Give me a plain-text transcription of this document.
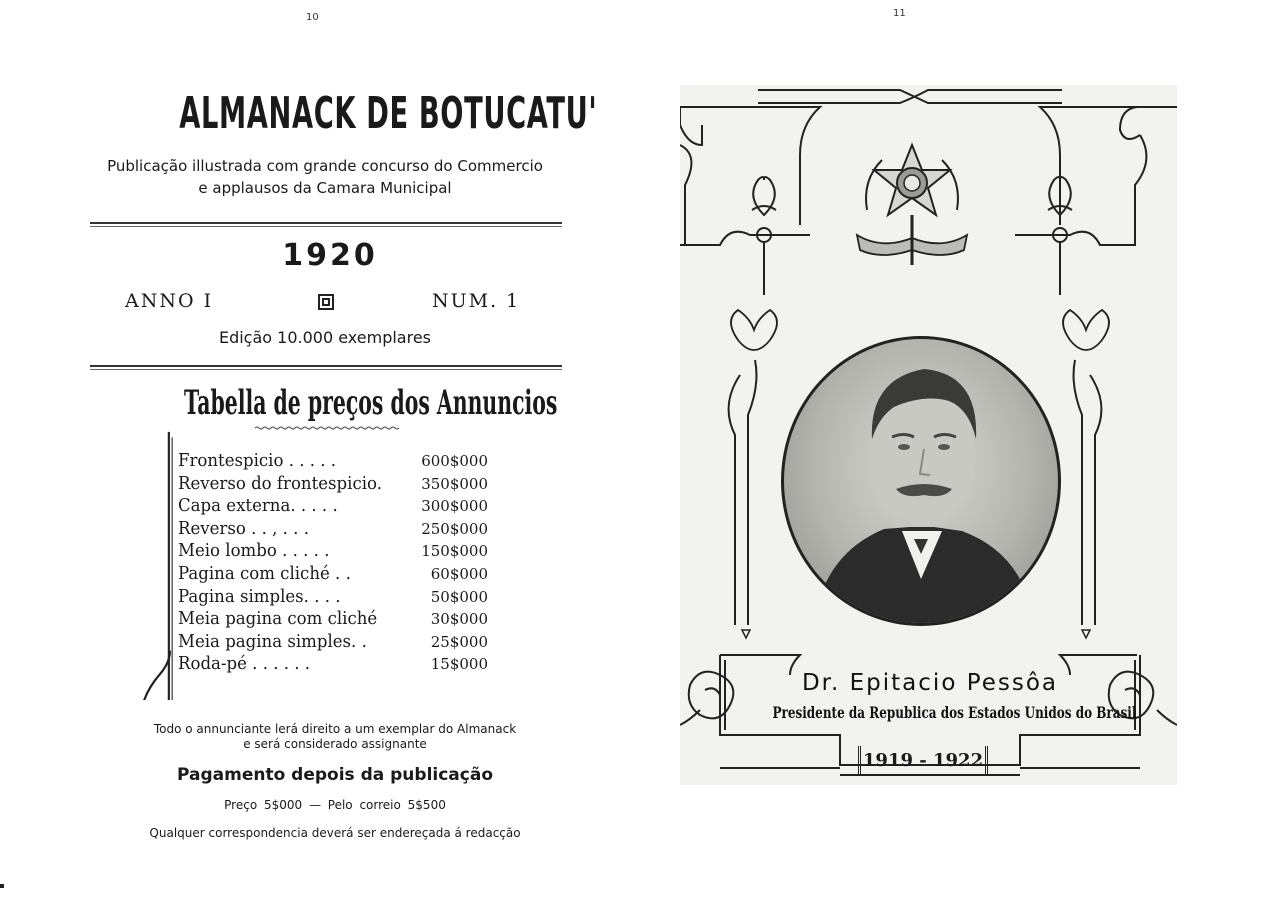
10
ALMANACK DE BOTUCATU'
Publicação illustrada com grande concurso do Commercio
e applausos da Camara Municipal
1920
ANNO I	NUM. 1
Edição 10.000 exemplares
Tabella de preços dos Annuncios
Frontespicio . . . . .	600$000
Reverso do frontespicio.	350$000
Capa externa. . . . .	300$000
Reverso . . , . . .	250$000
Meio lombo . . . . .	150$000
Pagina com cliché . .	60$000
Pagina simples. . . .	50$000
Meia pagina com cliché	30$000
Meia pagina simples. .	25$000
Roda-pé . . . . . .	15$000
Todo o annunciante lerá direito a um exemplar do Almanack
e será considerado assignante
Pagamento depois da publicação
Preço 5$000 — Pelo correio 5$500
Qualquer correspondencia deverá ser endereçada á redacção
11
Dr. Epitacio Pessôa
Presidente da Republica dos Estados Unidos do Brasil
1919 - 1922
